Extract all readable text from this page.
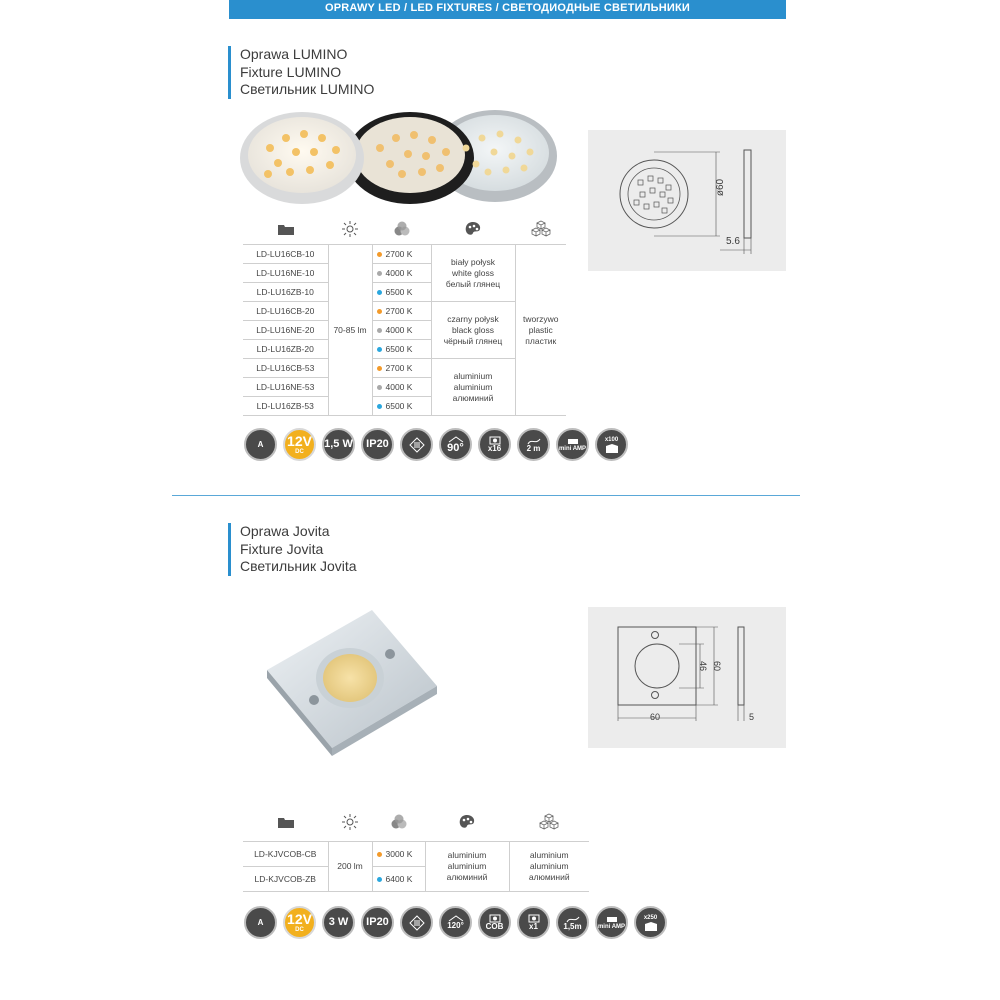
OPRAWY LED / LED FIXTURES / СВЕТОДИОДНЫЕ СВЕТИЛЬНИКИ
Oprawa LUMINO
Fixture LUMINO
Светильник LUMINO
ø60
5.6

LD-LU16CB-10	70-85 lm	2700 K	biały połysk
white gloss
белый глянец	tworzywo
plastic
пластик
LD-LU16NE-10		4000 K		
LD-LU16ZB-10		6500 K		
LD-LU16CB-20		2700 K	czarny połysk
black gloss
чёрный глянец	
LD-LU16NE-20		4000 K		
LD-LU16ZB-20		6500 K		
LD-LU16CB-53		2700 K	aluminium
aluminium
алюминий	
LD-LU16NE-53		4000 K		
LD-LU16ZB-53		6500 K		
A 12V
DC
1,5 W IP20	90°	x16	2 m	mini AMP
x100
Oprawa Jovita
Fixture Jovita
Светильник Jovita
60
60
46
5

LD-KJVCOB-CB	200 lm	3000 K	aluminium
aluminium
алюминий	aluminium
aluminium
алюминий
LD-KJVCOB-ZB		6400 K		
A 12V
DC
3 W IP20	120°	COB	x1	1,5m	mini AMP
x250
